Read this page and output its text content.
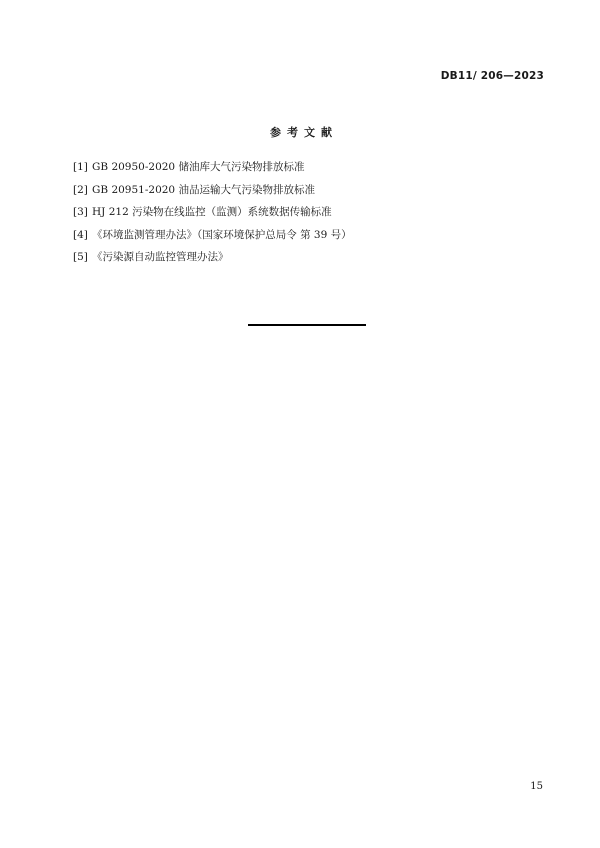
DB11/ 206—2023
参考文献
[1] GB 20950-2020 储油库大气污染物排放标准
[2] GB 20951-2020 油品运输大气污染物排放标准
[3] HJ 212 污染物在线监控（监测）系统数据传输标准
[4] 《环境监测管理办法》（国家环境保护总局令 第 39 号）
[5] 《污染源自动监控管理办法》
15
